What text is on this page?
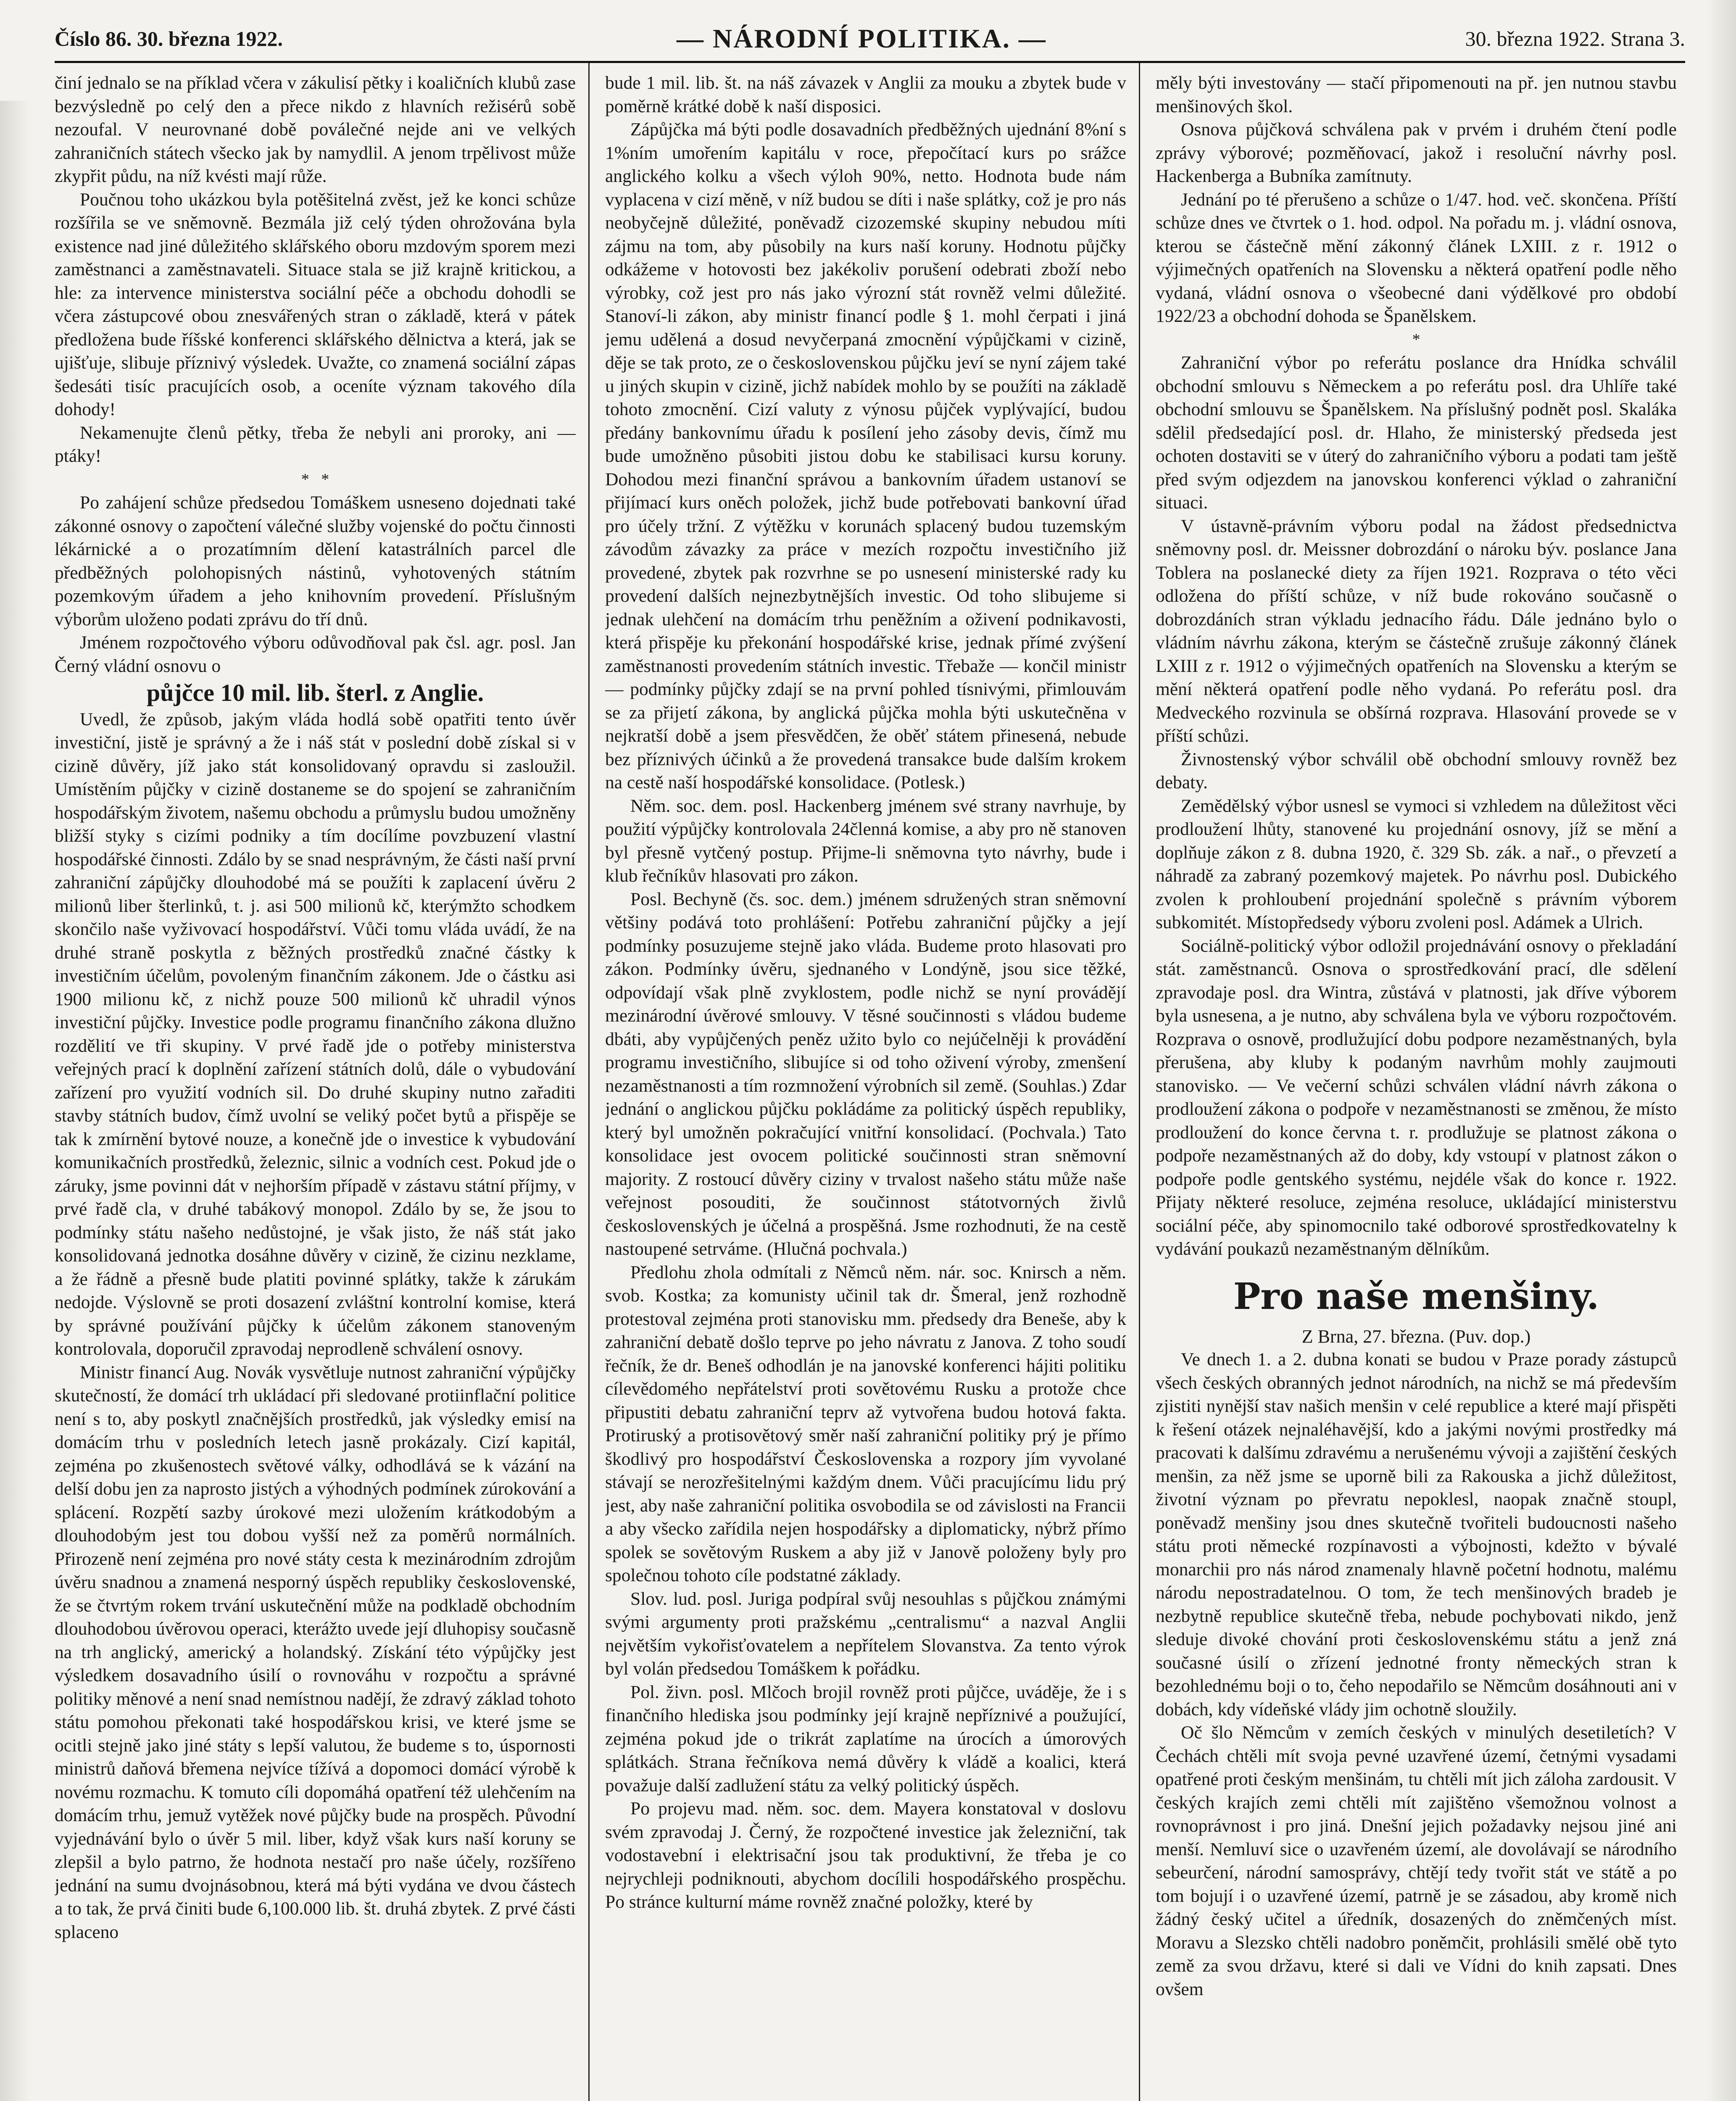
Číslo 86. 30. března 1922.	— NÁRODNÍ POLITIKA. —	30. března 1922. Strana 3.

činí jednalo se na příklad včera v zákulisí pětky i koaličních klubů zase bezvýsledně po celý den a přece nikdo z hlavních režisérů sobě nezoufal. V neurovnané době poválečné nejde ani ve velkých zahraničních státech všecko jak by namydlil. A jenom trpělivost může zkypřit půdu, na níž kvésti mají růže.

Poučnou toho ukázkou byla potěšitelná zvěst, jež ke konci schůze rozšířila se ve sněmovně. Bezmála již celý týden ohrožována byla existence nad jiné důležitého sklářského oboru mzdovým sporem mezi zaměstnanci a zaměstnavateli. Situace stala se již krajně kritickou, a hle: za intervence ministerstva sociální péče a obchodu dohodli se včera zástupcové obou znesvářených stran o základě, která v pátek předložena bude říšské konferenci sklářského dělnictva a která, jak se ujišťuje, slibuje příznivý výsledek. Uvažte, co znamená sociální zápas šedesáti tisíc pracujících osob, a oceníte význam takového díla dohody!

Nekamenujte členů pětky, třeba že nebyli ani proroky, ani — ptáky!

*   *

Po zahájení schůze předsedou Tomáškem usneseno dojednati také zákonné osnovy o započtení válečné služby vojenské do počtu činnosti lékárnické a o prozatímním dělení katastrálních parcel dle předběžných polohopisných nástinů, vyhotovených státním pozemkovým úřadem a jeho knihovním provedení. Příslušným výborům uloženo podati zprávu do tří dnů.

Jménem rozpočtového výboru odůvodňoval pak čsl. agr. posl. Jan Černý vládní osnovu o

půjčce 10 mil. lib. šterl. z Anglie.

Uvedl, že způsob, jakým vláda hodlá sobě opatřiti tento úvěr investiční, jistě je správný a že i náš stát v poslední době získal si v cizině důvěry, jíž jako stát konsolidovaný opravdu si zasloužil. Umístěním půjčky v cizině dostaneme se do spojení se zahraničním hospodářským životem, našemu obchodu a průmyslu budou umožněny bližší styky s cizími podniky a tím docílíme povzbuzení vlastní hospodářské činnosti. Zdálo by se snad nesprávným, že části naší první zahraniční zápůjčky dlouhodobé má se použíti k zaplacení úvěru 2 milionů liber šterlinků, t. j. asi 500 milionů kč, kterýmžto schodkem skončilo naše vyživovací hospodářství. Vůči tomu vláda uvádí, že na druhé straně poskytla z běžných prostředků značné částky k investičním účelům, povoleným finančním zákonem. Jde o částku asi 1900 milionu kč, z nichž pouze 500 milionů kč uhradil výnos investiční půjčky. Investice podle programu finančního zákona dlužno rozdělití ve tři skupiny. V prvé řadě jde o potřeby ministerstva veřejných prací k doplnění zařízení státních dolů, dále o vybudování zařízení pro využití vodních sil. Do druhé skupiny nutno zařaditi stavby státních budov, čímž uvolní se veliký počet bytů a přispěje se tak k zmírnění bytové nouze, a konečně jde o investice k vybudování komunikačních prostředků, železnic, silnic a vodních cest. Pokud jde o záruky, jsme povinni dát v nejhorším případě v zástavu státní příjmy, v prvé řadě cla, v druhé tabákový monopol. Zdálo by se, že jsou to podmínky státu našeho nedůstojné, je však jisto, že náš stát jako konsolidovaná jednotka dosáhne důvěry v cizině, že cizinu nezklame, a že řádně a přesně bude platiti povinné splátky, takže k zárukám nedojde. Výslovně se proti dosazení zvláštní kontrolní komise, která by správné používání půjčky k účelům zákonem stanoveným kontrolovala, doporučil zpravodaj neprodleně schválení osnovy.

Ministr financí Aug. Novák vysvětluje nutnost zahraniční výpůjčky skutečností, že domácí trh ukládací při sledované protiinflační politice není s to, aby poskytl značnějších prostředků, jak výsledky emisí na domácím trhu v posledních letech jasně prokázaly. Cizí kapitál, zejména po zkušenostech světové války, odhodlává se k vázání na delší dobu jen za naprosto jistých a výhodných podmínek zúrokování a splácení. Rozpětí sazby úrokové mezi uložením krátkodobým a dlouhodobým jest tou dobou vyšší než za poměrů normálních. Přirozeně není zejména pro nové státy cesta k mezinárodním zdrojům úvěru snadnou a znamená nesporný úspěch republiky československé, že se čtvrtým rokem trvání uskutečnění může na podkladě obchodním dlouhodobou úvěrovou operaci, kterážto uvede její dluhopisy současně na trh anglický, americký a holandský. Získání této výpůjčky jest výsledkem dosavadního úsilí o rovnováhu v rozpočtu a správné politiky měnové a není snad nemístnou nadějí, že zdravý základ tohoto státu pomohou překonati také hospodářskou krisi, ve které jsme se ocitli stejně jako jiné státy s lepší valutou, že budeme s to, úspornosti ministrů daňová břemena nejvíce tížívá a dopomoci domácí výrobě k novému rozmachu. K tomuto cíli dopomáhá opatření též ulehčením na domácím trhu, jemuž vytěžek nové půjčky bude na prospěch. Původní vyjednávání bylo o úvěr 5 mil. liber, když však kurs naší koruny se zlepšil a bylo patrno, že hodnota nestačí pro naše účely, rozšířeno jednání na sumu dvojnásobnou, která má býti vydána ve dvou částech a to tak, že prvá činiti bude 6,100.000 lib. št. druhá zbytek. Z prvé části splaceno

bude 1 mil. lib. št. na náš závazek v Anglii za mouku a zbytek bude v poměrně krátké době k naší disposici.

Zápůjčka má býti podle dosavadních předběžných ujednání 8%ní s 1%ním umořením kapitálu v roce, přepočítací kurs po srážce anglického kolku a všech výloh 90%, netto. Hodnota bude nám vyplacena v cizí měně, v níž budou se díti i naše splátky, což je pro nás neobyčejně důležité, poněvadž cizozemské skupiny nebudou míti zájmu na tom, aby působily na kurs naší koruny. Hodnotu půjčky odkážeme v hotovosti bez jakékoliv porušení odebrati zboží nebo výrobky, což jest pro nás jako výrozní stát rovněž velmi důležité. Stanoví-li zákon, aby ministr financí podle § 1. mohl čerpati i jiná jemu udělená a dosud nevyčerpaná zmocnění výpůjčkami v cizině, děje se tak proto, ze o československou půjčku jeví se nyní zájem také u jiných skupin v cizině, jichž nabídek mohlo by se použíti na základě tohoto zmocnění. Cizí valuty z výnosu půjček vyplývající, budou předány bankovnímu úřadu k posílení jeho zásoby devis, čímž mu bude umožněno působiti jistou dobu ke stabilisaci kursu koruny. Dohodou mezi finanční správou a bankovním úřadem ustanoví se přijímací kurs oněch položek, jichž bude potřebovati bankovní úřad pro účely tržní. Z výtěžku v korunách splacený budou tuzemským závodům závazky za práce v mezích rozpočtu investičního již provedené, zbytek pak rozvrhne se po usnesení ministerské rady ku provedení dalších nejnezbytnějších investic. Od toho slibujeme si jednak ulehčení na domácím trhu peněžním a oživení podnikavosti, která přispěje ku překonání hospodářské krise, jednak přímé zvýšení zaměstnanosti provedením státních investic. Třebaže — končil ministr — podmínky půjčky zdají se na první pohled tísnivými, přimlouvám se za přijetí zákona, by anglická půjčka mohla býti uskutečněna v nejkratší době a jsem přesvědčen, že oběť státem přinesená, nebude bez příznivých účinků a že provedená transakce bude dalším krokem na cestě naší hospodářské konsolidace. (Potlesk.)

Něm. soc. dem. posl. Hackenberg jménem své strany navrhuje, by použití výpůjčky kontrolovala 24členná komise, a aby pro ně stanoven byl přesně vytčený postup. Přijme-li sněmovna tyto návrhy, bude i klub řečníkův hlasovati pro zákon.

Posl. Bechyně (čs. soc. dem.) jménem sdružených stran sněmovní většiny podává toto prohlášení: Potřebu zahraniční půjčky a její podmínky posuzujeme stejně jako vláda. Budeme proto hlasovati pro zákon. Podmínky úvěru, sjednaného v Londýně, jsou sice těžké, odpovídají však plně zvyklostem, podle nichž se nyní provádějí mezinárodní úvěrové smlouvy. V těsné součinnosti s vládou budeme dbáti, aby vypůjčených peněz užito bylo co nejúčelněji k provádění programu investičního, slibujíce si od toho oživení výroby, zmenšení nezaměstnanosti a tím rozmnožení výrobních sil země. (Souhlas.) Zdar jednání o anglickou půjčku pokládáme za politický úspěch republiky, který byl umožněn pokračující vnitřní konsolidací. (Pochvala.) Tato konsolidace jest ovocem politické součinnosti stran sněmovní majority. Z rostoucí důvěry ciziny v trvalost našeho státu může naše veřejnost posouditi, že součinnost státotvorných živlů československých je účelná a prospěšná. Jsme rozhodnuti, že na cestě nastoupené setrváme. (Hlučná pochvala.)

Předlohu zhola odmítali z Němců něm. nár. soc. Knirsch a něm. svob. Kostka; za komunisty učinil tak dr. Šmeral, jenž rozhodně protestoval zejména proti stanovisku mm. předsedy dra Beneše, aby k zahraniční debatě došlo teprve po jeho návratu z Janova. Z toho soudí řečník, že dr. Beneš odhodlán je na janovské konferenci hájiti politiku cílevědomého nepřátelství proti sovětovému Rusku a protože chce připustiti debatu zahraniční teprv až vytvořena budou hotová fakta. Protiruský a protisovětový směr naší zahraniční politiky prý je přímo škodlivý pro hospodářství Československa a rozpory jím vyvolané stávají se nerozřešitelnými každým dnem. Vůči pracujícímu lidu prý jest, aby naše zahraniční politika osvobodila se od závislosti na Francii a aby všecko zařídila nejen hospodářsky a diplomaticky, nýbrž přímo spolek se sovětovým Ruskem a aby již v Janově položeny byly pro společnou tohoto cíle podstatné základy.

Slov. lud. posl. Juriga podpíral svůj nesouhlas s půjčkou známými svými argumenty proti pražskému „centralismu“ a nazval Anglii největším vykořisťovatelem a nepřítelem Slovanstva. Za tento výrok byl volán předsedou Tomáškem k pořádku.

Pol. živn. posl. Mlčoch brojil rovněž proti půjčce, uváděje, že i s finančního hlediska jsou podmínky její krajně nepříznivé a použující, zejména pokud jde o trikrát zaplatíme na úrocích a úmorových splátkách. Strana řečníkova nemá důvěry k vládě a koalici, která považuje další zadlužení státu za velký politický úspěch.

Po projevu mad. něm. soc. dem. Mayera konstatoval v doslovu svém zpravodaj J. Černý, že rozpočtené investice jak železniční, tak vodostavební i elektrisační jsou tak produktivní, že třeba je co nejrychleji podniknouti, abychom docílili hospodářského prospěchu. Po stránce kulturní máme rovněž značné položky, které by

měly býti investovány — stačí připomenouti na př. jen nutnou stavbu menšinových škol.

Osnova půjčková schválena pak v prvém i druhém čtení podle zprávy výborové; pozměňovací, jakož i resoluční návrhy posl. Hackenberga a Bubníka zamítnuty.

Jednání po té přerušeno a schůze o 1/47. hod. več. skončena. Příští schůze dnes ve čtvrtek o 1. hod. odpol. Na pořadu m. j. vládní osnova, kterou se částečně mění zákonný článek LXIII. z r. 1912 o výjimečných opatřeních na Slovensku a některá opatření podle něho vydaná, vládní osnova o všeobecné dani výdělkové pro období 1922/23 a obchodní dohoda se Španělskem.

*

Zahraniční výbor po referátu poslance dra Hnídka schválil obchodní smlouvu s Německem a po referátu posl. dra Uhlíře také obchodní smlouvu se Španělskem. Na příslušný podnět posl. Skaláka sdělil předsedající posl. dr. Hlaho, že ministerský předseda jest ochoten dostaviti se v úterý do zahraničního výboru a podati tam ještě před svým odjezdem na janovskou konferenci výklad o zahraniční situaci.

V ústavně-právním výboru podal na žádost předsednictva sněmovny posl. dr. Meissner dobrozdání o nároku býv. poslance Jana Toblera na poslanecké diety za říjen 1921. Rozprava o této věci odložena do příští schůze, v níž bude rokováno současně o dobrozdáních stran výkladu jednacího řádu. Dále jednáno bylo o vládním návrhu zákona, kterým se částečně zrušuje zákonný článek LXIII z r. 1912 o výjimečných opatřeních na Slovensku a kterým se mění některá opatření podle něho vydaná. Po referátu posl. dra Medveckého rozvinula se obšírná rozprava. Hlasování provede se v příští schůzi.

Živnostenský výbor schválil obě obchodní smlouvy rovněž bez debaty.

Zemědělský výbor usnesl se vymoci si vzhledem na důležitost věci prodloužení lhůty, stanovené ku projednání osnovy, jíž se mění a doplňuje zákon z 8. dubna 1920, č. 329 Sb. zák. a nař., o převzetí a náhradě za zabraný pozemkový majetek. Po návrhu posl. Dubického zvolen k prohloubení projednání společně s právním výborem subkomitét. Místopředsedy výboru zvoleni posl. Adámek a Ulrich.

Sociálně-politický výbor odložil projednávání osnovy o překladání stát. zaměstnanců. Osnova o sprostředkování prací, dle sdělení zpravodaje posl. dra Wintra, zůstává v platnosti, jak dříve výborem byla usnesena, a je nutno, aby schválena byla ve výboru rozpočtovém. Rozprava o osnově, prodlužující dobu podpore nezaměstnaných, byla přerušena, aby kluby k podaným navrhům mohly zaujmouti stanovisko. — Ve večerní schůzi schválen vládní návrh zákona o prodloužení zákona o podpoře v nezaměstnanosti se změnou, že místo prodloužení do konce června t. r. prodlužuje se platnost zákona o podpoře nezaměstnaných až do doby, kdy vstoupí v platnost zákon o podpoře podle gentského systému, nejdéle však do konce r. 1922. Přijaty některé resoluce, zejména resoluce, ukládající ministerstvu sociální péče, aby spinomocnilo také odborové sprostředkovatelny k vydávání poukazů nezaměstnaným dělníkům.

Pro naše menšiny.

Z Brna, 27. března. (Puv. dop.)

Ve dnech 1. a 2. dubna konati se budou v Praze porady zástupců všech českých obranných jednot národních, na nichž se má především zjistiti nynější stav našich menšin v celé republice a které mají přispěti k řešení otázek nejnaléhavější, kdo a jakými novými prostředky má pracovati k dalšímu zdravému a nerušenému vývoji a zajištění českých menšin, za něž jsme se uporně bili za Rakouska a jichž důležitost, životní význam po převratu nepoklesl, naopak značně stoupl, poněvadž menšiny jsou dnes skutečně tvořiteli budoucnosti našeho státu proti německé rozpínavosti a výbojnosti, kdežto v bývalé monarchii pro nás národ znamenaly hlavně početní hodnotu, malému národu nepostradatelnou. O tom, že tech menšinových bradeb je nezbytně republice skutečně třeba, nebude pochybovati nikdo, jenž sleduje divoké chování proti československému státu a jenž zná současné úsilí o zřízení jednotné fronty německých stran k bezohlednému boji o to, čeho nepodařilo se Němcům dosáhnouti ani v dobách, kdy vídeňské vlády jim ochotně sloužily.

Oč šlo Němcům v zemích českých v minulých desetiletích? V Čechách chtěli mít svoja pevné uzavřené území, četnými vysadami opatřené proti českým menšinám, tu chtěli mít jich záloha zardousit. V českých krajích zemi chtěli mít zajištěno všemožnou volnost a rovnoprávnost i pro jiná. Dnešní jejich požadavky nejsou jiné ani menší. Nemluví sice o uzavřeném území, ale dovolávají se národního sebeurčení, národní samosprávy, chtějí tedy tvořit stát ve státě a po tom bojují i o uzavřené území, patrně je se zásadou, aby kromě nich žádný český učitel a úředník, dosazených do zněmčených míst. Moravu a Slezsko chtěli nadobro poněmčit, prohlásili smělé obě tyto země za svou državu, které si dali ve Vídni do knih zapsati. Dnes ovšem
